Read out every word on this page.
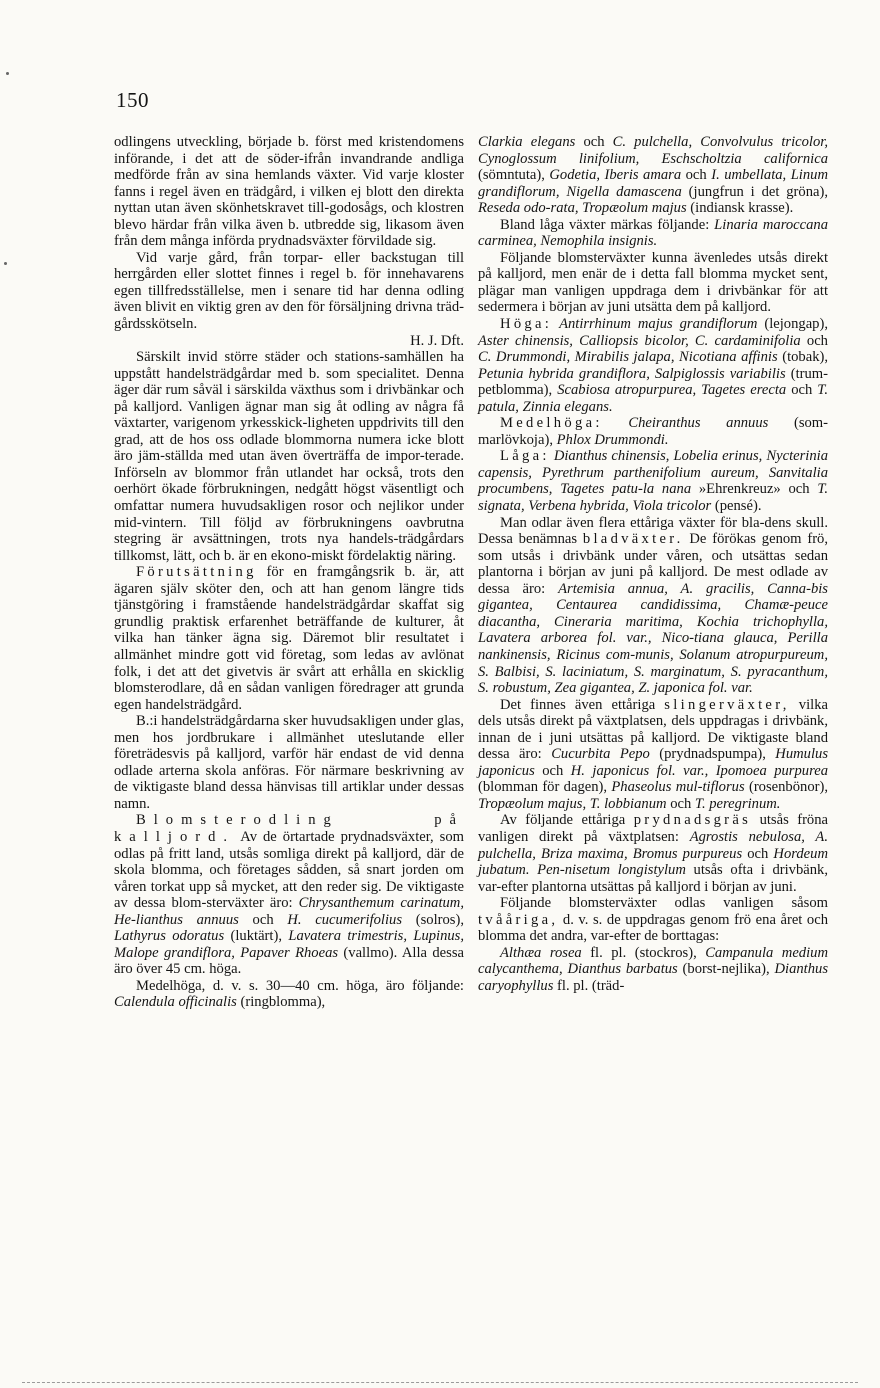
150

odlingens utveckling, började b. först med kristendomens införande, i det att de söder-ifrån invandrande andliga medförde från av sina hemlands växter. Vid varje kloster fanns i regel även en trädgård, i vilken ej blott den direkta nyttan utan även skönhetskravet till-godosågs, och klostren blevo härdar från vilka även b. utbredde sig, likasom även från dem många införda prydnadsväxter förvildade sig.

Vid varje gård, från torpar- eller backstugan till herrgården eller slottet finnes i regel b. för innehavarens egen tillfredsställelse, men i senare tid har denna odling även blivit en viktig gren av den för försäljning drivna träd-gårdsskötseln.

H. J. Dft.

Särskilt invid större städer och stations-samhällen ha uppstått handelsträdgårdar med b. som specialitet. Denna äger där rum såväl i särskilda växthus som i drivbänkar och på kalljord. Vanligen ägnar man sig åt odling av några få växtarter, varigenom yrkesskick-ligheten uppdrivits till den grad, att de hos oss odlade blommorna numera icke blott äro jäm-ställda med utan även överträffa de impor-terade. Införseln av blommor från utlandet har också, trots den oerhört ökade förbrukningen, nedgått högst väsentligt och omfattar numera huvudsakligen rosor och nejlikor under mid-vintern. Till följd av förbrukningens oavbrutna stegring är avsättningen, trots nya handels-trädgårdars tillkomst, lätt, och b. är en ekono-miskt fördelaktig näring.

Förutsättning för en framgångsrik b. är, att ägaren själv sköter den, och att han genom längre tids tjänstgöring i framstående handelsträdgårdar skaffat sig grundlig praktisk erfarenhet beträffande de kulturer, åt vilka han tänker ägna sig. Däremot blir resultatet i allmänhet mindre gott vid företag, som ledas av avlönat folk, i det att det givetvis är svårt att erhålla en skicklig blomsterodlare, då en sådan vanligen föredrager att grunda egen handelsträdgård.

B.:i handelsträdgårdarna sker huvudsakligen under glas, men hos jordbrukare i allmänhet uteslutande eller företrädesvis på kalljord, varför här endast de vid denna odlade arterna skola anföras. För närmare beskrivning av de viktigaste bland dessa hänvisas till artiklar under dessas namn.

Blomsterodling på kalljord. Av de örtartade prydnadsväxter, som odlas på fritt land, utsås somliga direkt på kalljord, där de skola blomma, och företages sådden, så snart jorden om våren torkat upp så mycket, att den reder sig. De viktigaste av dessa blom-sterväxter äro: Chrysanthemum carinatum, He-lianthus annuus och H. cucumerifolius (solros), Lathyrus odoratus (luktärt), Lavatera trimestris, Lupinus, Malope grandiflora, Papaver Rhoeas (vallmo). Alla dessa äro över 45 cm. höga.

Medelhöga, d. v. s. 30—40 cm. höga, äro följande: Calendula officinalis (ringblomma),

Clarkia elegans och C. pulchella, Convolvulus tricolor, Cynoglossum linifolium, Eschscholtzia californica (sömntuta), Godetia, Iberis amara och I. umbellata, Linum grandiflorum, Nigella damascena (jungfrun i det gröna), Reseda odo-rata, Tropæolum majus (indiansk krasse).

Bland låga växter märkas följande: Linaria maroccana carminea, Nemophila insignis.

Följande blomsterväxter kunna ävenledes utsås direkt på kalljord, men enär de i detta fall blomma mycket sent, plägar man vanligen uppdraga dem i drivbänkar för att sedermera i början av juni utsätta dem på kalljord.

Höga: Antirrhinum majus grandiflorum (lejongap), Aster chinensis, Calliopsis bicolor, C. cardaminifolia och C. Drummondi, Mirabilis jalapa, Nicotiana affinis (tobak), Petunia hybrida grandiflora, Salpiglossis variabilis (trum-petblomma), Scabiosa atropurpurea, Tagetes erecta och T. patula, Zinnia elegans.

Medelhöga: Cheiranthus annuus (som-marlövkoja), Phlox Drummondi.

Låga: Dianthus chinensis, Lobelia erinus, Nycterinia capensis, Pyrethrum parthenifolium aureum, Sanvitalia procumbens, Tagetes patu-la nana »Ehrenkreuz» och T. signata, Verbena hybrida, Viola tricolor (pensé).

Man odlar även flera ettåriga växter för bla-dens skull. Dessa benämnas bladväxter. De förökas genom frö, som utsås i drivbänk under våren, och utsättas sedan plantorna i början av juni på kalljord. De mest odlade av dessa äro: Artemisia annua, A. gracilis, Canna-bis gigantea, Centaurea candidissima, Chamæ-peuce diacantha, Cineraria maritima, Kochia trichophylla, Lavatera arborea fol. var., Nico-tiana glauca, Perilla nankinensis, Ricinus com-munis, Solanum atropurpureum, S. Balbisi, S. laciniatum, S. marginatum, S. pyracanthum, S. robustum, Zea gigantea, Z. japonica fol. var.

Det finnes även ettåriga slingerväxter, vilka dels utsås direkt på växtplatsen, dels uppdragas i drivbänk, innan de i juni utsättas på kalljord. De viktigaste bland dessa äro: Cucurbita Pepo (prydnadspumpa), Humulus japonicus och H. japonicus fol. var., Ipomoea purpurea (blomman för dagen), Phaseolus mul-tiflorus (rosenbönor), Tropæolum majus, T. lobbianum och T. peregrinum.

Av följande ettåriga prydnadsgräs utsås fröna vanligen direkt på växtplatsen: Agrostis nebulosa, A. pulchella, Briza maxima, Bromus purpureus och Hordeum jubatum. Pen-nisetum longistylum utsås ofta i drivbänk, var-efter plantorna utsättas på kalljord i början av juni.

Följande blomsterväxter odlas vanligen såsom tvååriga, d. v. s. de uppdragas genom frö ena året och blomma det andra, var-efter de borttagas:

Althæa rosea fl. pl. (stockros), Campanula medium calycanthema, Dianthus barbatus (borst-nejlika), Dianthus caryophyllus fl. pl. (träd-
